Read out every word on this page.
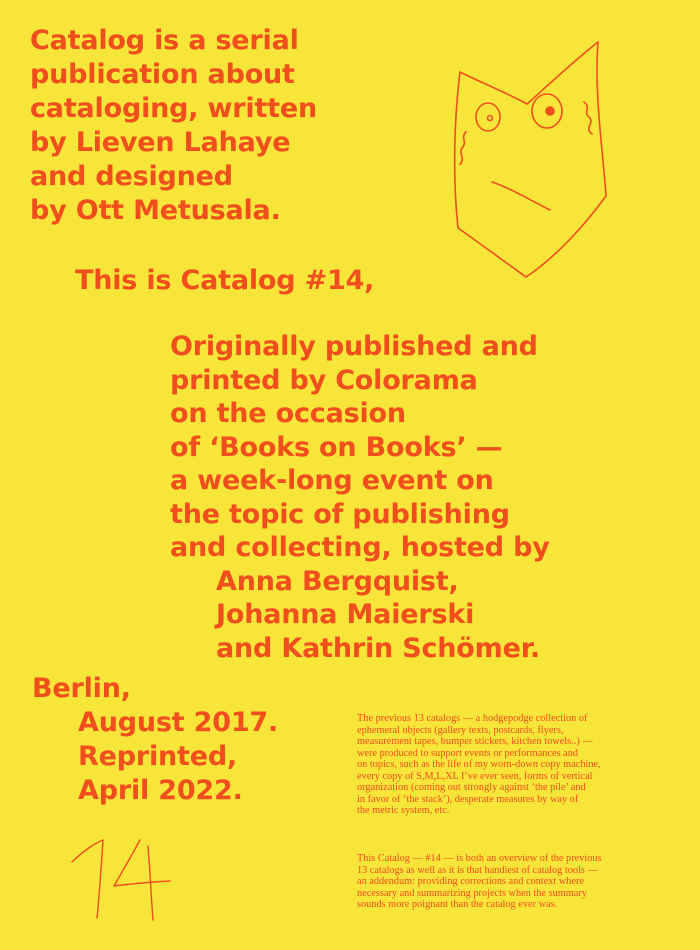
Catalog is a serial
publication about
cataloging, written
by Lieven Lahaye
and designed
by Ott Metusala.

This is Catalog #14,

Originally published and
printed by Colorama
on the occasion
of ‘Books on Books’ —
a week-long event on
the topic of publishing
and collecting, hosted by
Anna Bergquist,
Johanna Maierski
and Kathrin Schömer.

Berlin,
August 2017.
Reprinted,
April 2022.

The previous 13 catalogs — a hodgepodge collection of
ephemeral objects (gallery texts, postcards, flyers,
measurement tapes, bumper stickers, kitchen towels..) —
were produced to support events or performances and
on topics, such as the life of my worn-down copy machine,
every copy of S,M,L,XL I’ve ever seen, forms of vertical
organization (coming out strongly against ‘the pile’ and
in favor of ‘the stack’), desperate measures by way of
the metric system, etc.

This Catalog — #14 — is both an overview of the previous
13 catalogs as well as it is that handiest of catalog tools —
an addendum: providing corrections and context where
necessary and summarizing projects when the summary
sounds more poignant than the catalog ever was.
